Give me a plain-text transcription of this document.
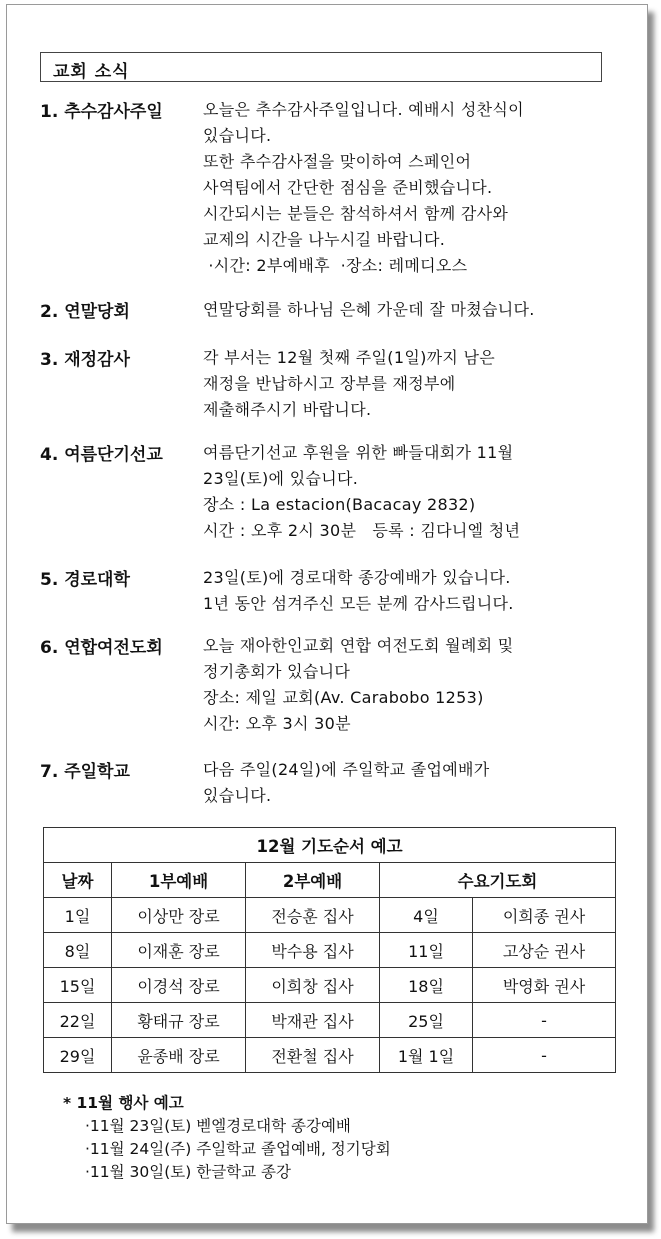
교회 소식
1. 추수감사주일	오늘은 추수감사주일입니다. 예배시 성찬식이
있습니다.
또한 추수감사절을 맞이하여 스페인어
사역팀에서 간단한 점심을 준비했습니다.
시간되시는 분들은 참석하셔서 함께 감사와
교제의 시간을 나누시길 바랍니다.
·시간: 2부예배후  ·장소: 레메디오스
2. 연말당회	연말당회를 하나님 은혜 가운데 잘 마쳤습니다.
3. 재정감사	각 부서는 12월 첫째 주일(1일)까지 남은
재정을 반납하시고 장부를 재정부에
제출해주시기 바랍니다.
4. 여름단기선교	여름단기선교 후원을 위한 빠들대회가 11월
23일(토)에 있습니다.
장소 : La estacion(Bacacay 2832)
시간 : 오후 2시 30분   등록 : 김다니엘 청년
5. 경로대학	23일(토)에 경로대학 종강예배가 있습니다.
1년 동안 섬겨주신 모든 분께 감사드립니다.
6. 연합여전도회	오늘 재아한인교회 연합 여전도회 월례회 및
정기총회가 있습니다
장소: 제일 교회(Av. Carabobo 1253)
시간: 오후 3시 30분
7. 주일학교	다음 주일(24일)에 주일학교 졸업예배가
있습니다.
12월 기도순서 예고				
날짜	1부예배	2부예배	수요기도회	
1일	이상만 장로	전승훈 집사	4일	이희종 권사
8일	이재훈 장로	박수용 집사	11일	고상순 권사
15일	이경석 장로	이희창 집사	18일	박영화 권사
22일	황태규 장로	박재관 집사	25일	-
29일	윤종배 장로	전환철 집사	1월 1일	-
* 11월 행사 예고
·11월 23일(토) 벧엘경로대학 종강예배
·11월 24일(주) 주일학교 졸업예배, 정기당회
·11월 30일(토) 한글학교 종강
